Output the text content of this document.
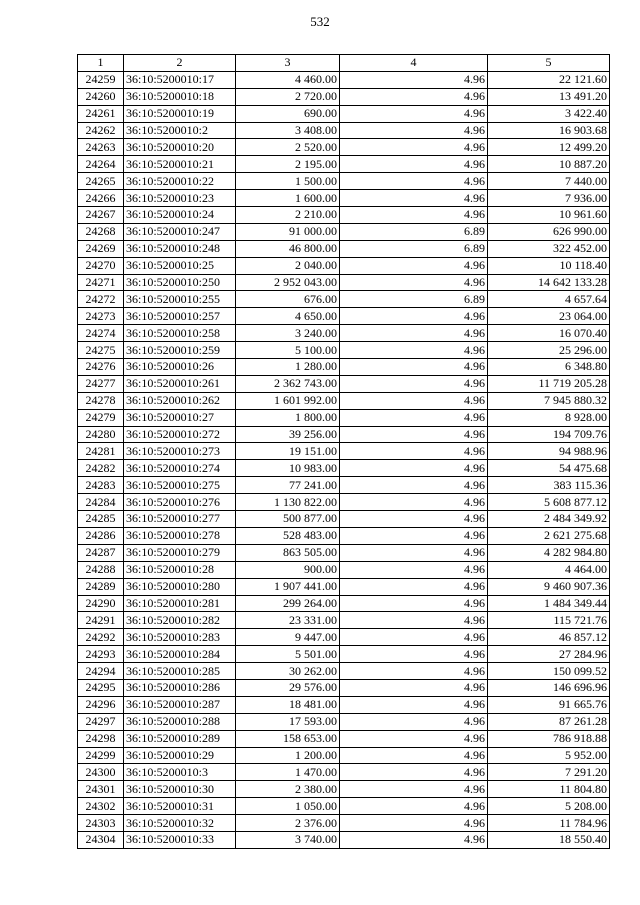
532
1	2	3	4	5
24259	36:10:5200010:17	4 460.00	4.96	22 121.60
24260	36:10:5200010:18	2 720.00	4.96	13 491.20
24261	36:10:5200010:19	690.00	4.96	3 422.40
24262	36:10:5200010:2	3 408.00	4.96	16 903.68
24263	36:10:5200010:20	2 520.00	4.96	12 499.20
24264	36:10:5200010:21	2 195.00	4.96	10 887.20
24265	36:10:5200010:22	1 500.00	4.96	7 440.00
24266	36:10:5200010:23	1 600.00	4.96	7 936.00
24267	36:10:5200010:24	2 210.00	4.96	10 961.60
24268	36:10:5200010:247	91 000.00	6.89	626 990.00
24269	36:10:5200010:248	46 800.00	6.89	322 452.00
24270	36:10:5200010:25	2 040.00	4.96	10 118.40
24271	36:10:5200010:250	2 952 043.00	4.96	14 642 133.28
24272	36:10:5200010:255	676.00	6.89	4 657.64
24273	36:10:5200010:257	4 650.00	4.96	23 064.00
24274	36:10:5200010:258	3 240.00	4.96	16 070.40
24275	36:10:5200010:259	5 100.00	4.96	25 296.00
24276	36:10:5200010:26	1 280.00	4.96	6 348.80
24277	36:10:5200010:261	2 362 743.00	4.96	11 719 205.28
24278	36:10:5200010:262	1 601 992.00	4.96	7 945 880.32
24279	36:10:5200010:27	1 800.00	4.96	8 928.00
24280	36:10:5200010:272	39 256.00	4.96	194 709.76
24281	36:10:5200010:273	19 151.00	4.96	94 988.96
24282	36:10:5200010:274	10 983.00	4.96	54 475.68
24283	36:10:5200010:275	77 241.00	4.96	383 115.36
24284	36:10:5200010:276	1 130 822.00	4.96	5 608 877.12
24285	36:10:5200010:277	500 877.00	4.96	2 484 349.92
24286	36:10:5200010:278	528 483.00	4.96	2 621 275.68
24287	36:10:5200010:279	863 505.00	4.96	4 282 984.80
24288	36:10:5200010:28	900.00	4.96	4 464.00
24289	36:10:5200010:280	1 907 441.00	4.96	9 460 907.36
24290	36:10:5200010:281	299 264.00	4.96	1 484 349.44
24291	36:10:5200010:282	23 331.00	4.96	115 721.76
24292	36:10:5200010:283	9 447.00	4.96	46 857.12
24293	36:10:5200010:284	5 501.00	4.96	27 284.96
24294	36:10:5200010:285	30 262.00	4.96	150 099.52
24295	36:10:5200010:286	29 576.00	4.96	146 696.96
24296	36:10:5200010:287	18 481.00	4.96	91 665.76
24297	36:10:5200010:288	17 593.00	4.96	87 261.28
24298	36:10:5200010:289	158 653.00	4.96	786 918.88
24299	36:10:5200010:29	1 200.00	4.96	5 952.00
24300	36:10:5200010:3	1 470.00	4.96	7 291.20
24301	36:10:5200010:30	2 380.00	4.96	11 804.80
24302	36:10:5200010:31	1 050.00	4.96	5 208.00
24303	36:10:5200010:32	2 376.00	4.96	11 784.96
24304	36:10:5200010:33	3 740.00	4.96	18 550.40
